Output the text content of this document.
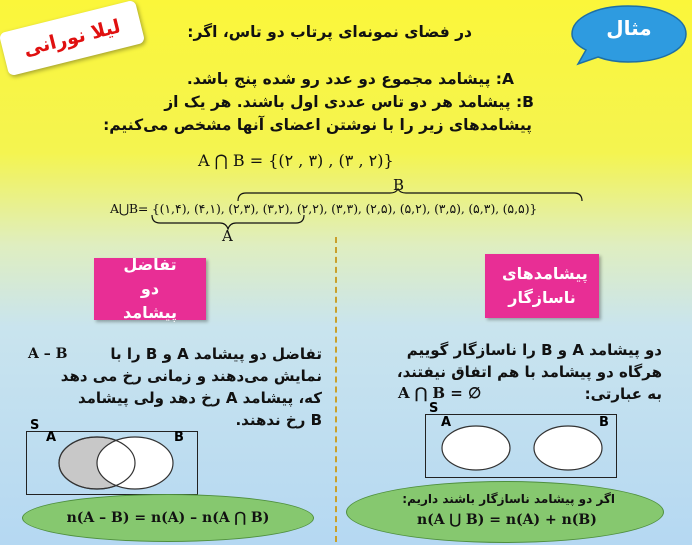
مثال
لیلا نورانی	در فضای نمونه‌ای پرتاب دو تاس، اگر:
A: پیشامد مجموع دو عدد رو شده پنج باشد.
B: پیشامد هر دو تاس عددی اول باشند. هر یک از
پیشامدهای زیر را با نوشتن اعضای آنها مشخص می‌کنیم:
A ⋂ B = {(۲ , ۳) , (۳ , ۲)}
B
A⋃B= {(۱,۴), (۴,۱), (۲,۳), (۳,۲), (۲,۲), (۳,۳), (۲,۵), (۵,۲), (۳,۵), (۵,۳), (۵,۵)}
A
تفاضل دو پیشامد
A – B	تفاضل دو پیشامد A و B را با
نمایش می‌دهند و زمانی رخ می دهد
که، پیشامد A رخ دهد ولی پیشامد
B رخ ندهند.
S
A	B
n(A – B) = n(A) – n(A ⋂ B)
پیشامدهای ناسازگار
دو پیشامد A و B را ناسازگار گوییم
هرگاه دو پیشامد با هم اتفاق نیفتند،
به عبارتی:
A ⋂ B = ∅
S
A	B
اگر دو پیشامد ناسازگار باشند داریم:
n(A ⋃ B) = n(A) + n(B)
